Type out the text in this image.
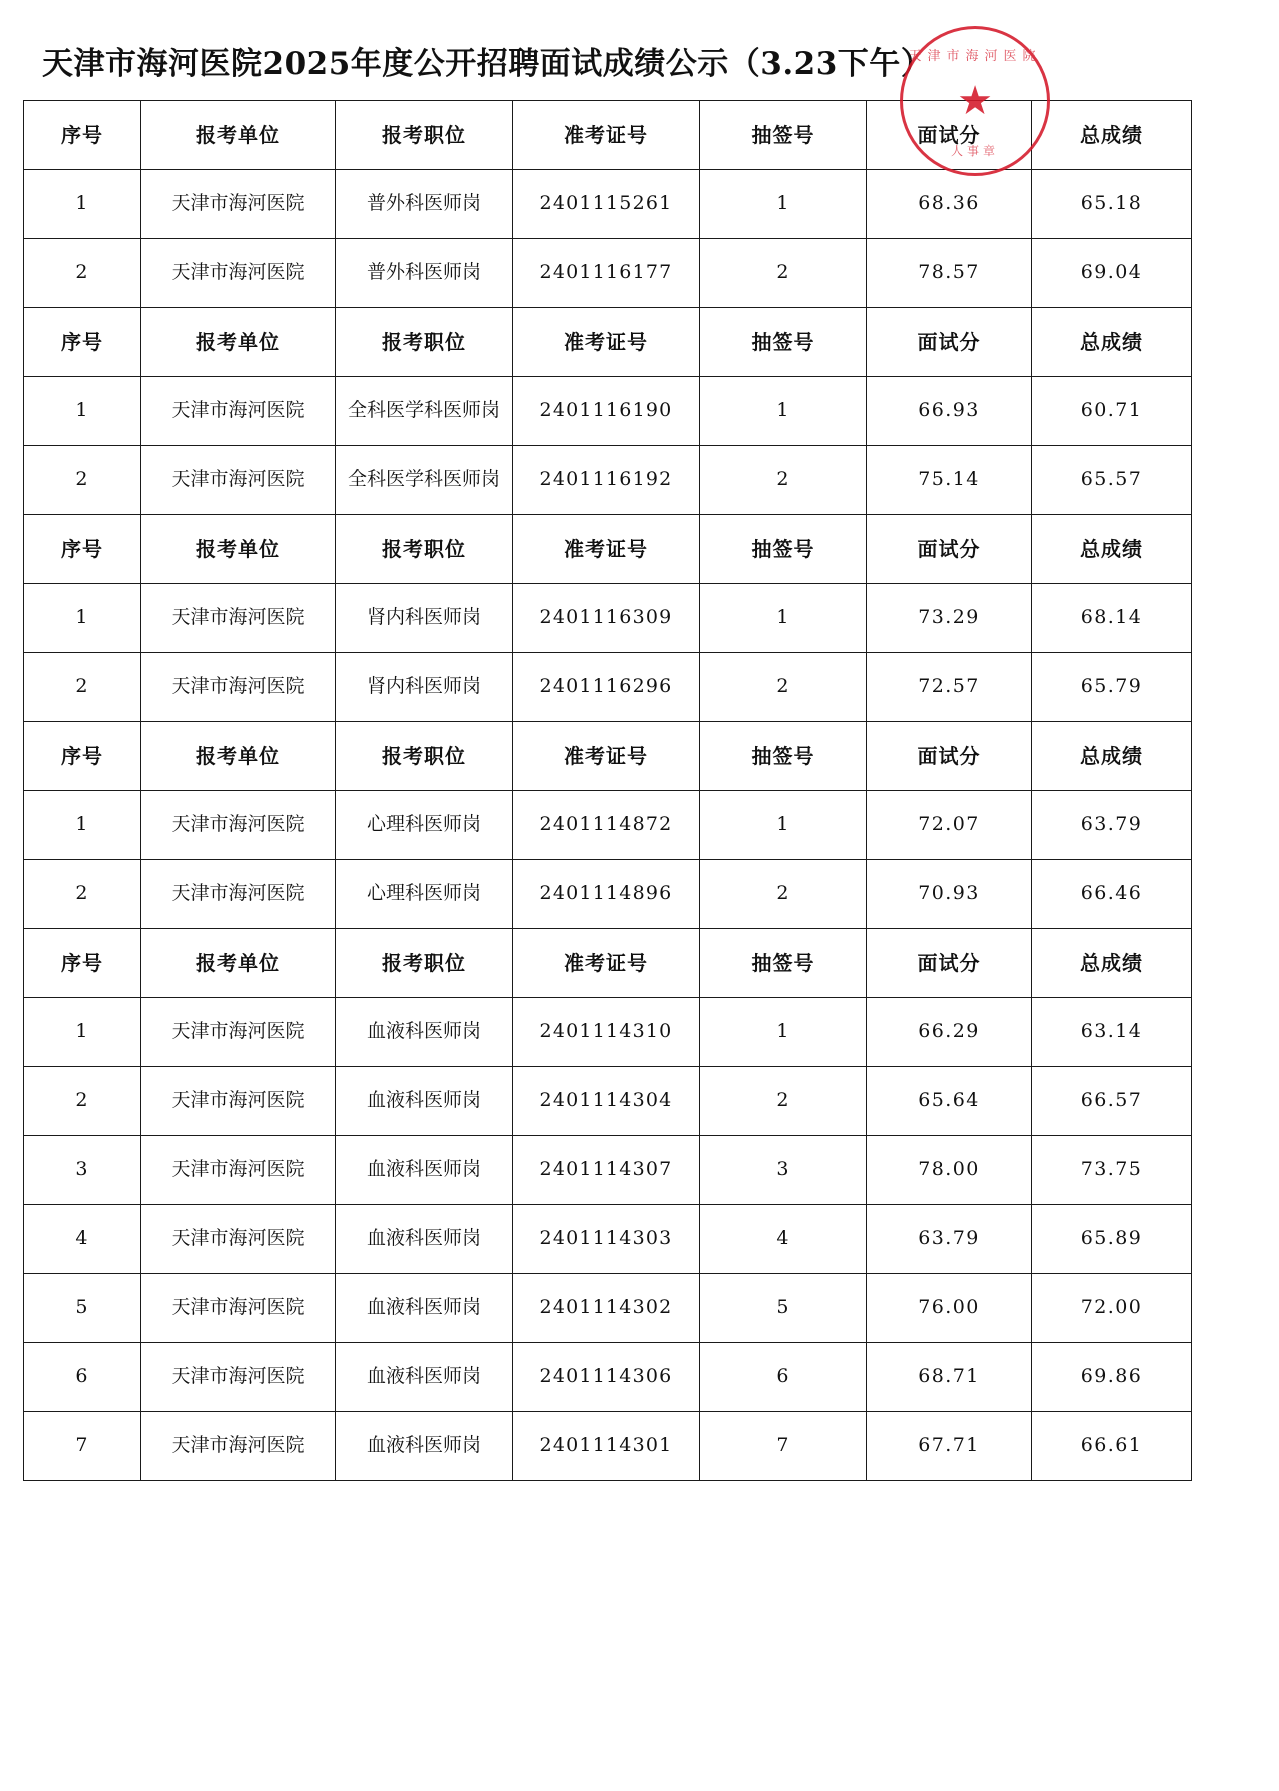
天津市海河医院2025年度公开招聘面试成绩公示（3.23下午）
序号	报考单位	报考职位	准考证号	抽签号	面试分	总成绩
1	天津市海河医院	普外科医师岗	2401115261	1	68.36	65.18
2	天津市海河医院	普外科医师岗	2401116177	2	78.57	69.04
序号	报考单位	报考职位	准考证号	抽签号	面试分	总成绩
1	天津市海河医院	全科医学科医师岗	2401116190	1	66.93	60.71
2	天津市海河医院	全科医学科医师岗	2401116192	2	75.14	65.57
序号	报考单位	报考职位	准考证号	抽签号	面试分	总成绩
1	天津市海河医院	肾内科医师岗	2401116309	1	73.29	68.14
2	天津市海河医院	肾内科医师岗	2401116296	2	72.57	65.79
序号	报考单位	报考职位	准考证号	抽签号	面试分	总成绩
1	天津市海河医院	心理科医师岗	2401114872	1	72.07	63.79
2	天津市海河医院	心理科医师岗	2401114896	2	70.93	66.46
序号	报考单位	报考职位	准考证号	抽签号	面试分	总成绩
1	天津市海河医院	血液科医师岗	2401114310	1	66.29	63.14
2	天津市海河医院	血液科医师岗	2401114304	2	65.64	66.57
3	天津市海河医院	血液科医师岗	2401114307	3	78.00	73.75
4	天津市海河医院	血液科医师岗	2401114303	4	63.79	65.89
5	天津市海河医院	血液科医师岗	2401114302	5	76.00	72.00
6	天津市海河医院	血液科医师岗	2401114306	6	68.71	69.86
7	天津市海河医院	血液科医师岗	2401114301	7	67.71	66.61
天津市海河医院
★
人事章
